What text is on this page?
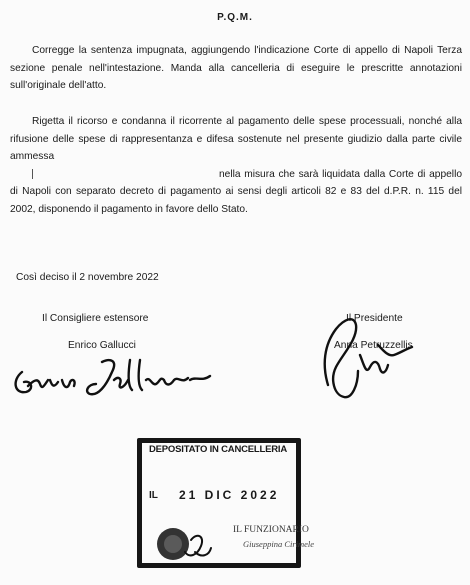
P.Q.M.

Corregge la sentenza impugnata, aggiungendo l'indicazione Corte di appello di Napoli Terza sezione penale nell'intestazione. Manda alla cancelleria di eseguire le prescritte annotazioni sull'originale dell'atto.

Rigetta il ricorso e condanna il ricorrente al pagamento delle spese processuali, nonché alla rifusione delle spese di rappresentanza e difesa sostenute nel presente giudizio dalla parte civile ammessa
nella misura che sarà liquidata dalla Corte di appello di Napoli con separato decreto di pagamento ai sensi degli articoli 82 e 83 del d.P.R. n. 115 del 2002, disponendo il pagamento in favore dello Stato.

Così deciso il 2 novembre 2022
Il Consigliere estensore
Enrico Gallucci
Il Presidente
Anna Petruzzellis
DEPOSITATO IN CANCELLERIA
IL 21 DIC 2022
IL FUNZIONARIO
Giuseppina Cirimele
